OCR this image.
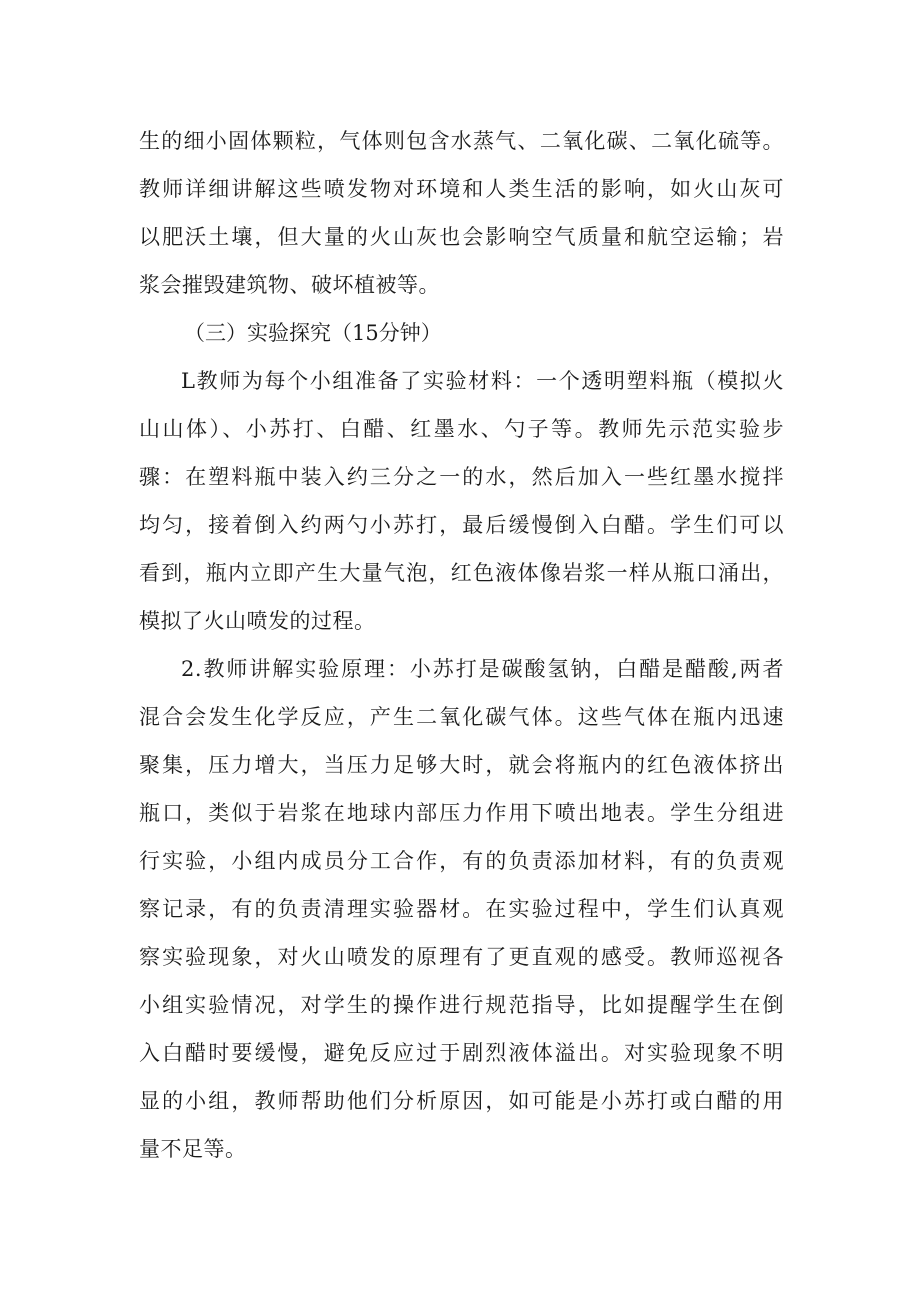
生的细小固体颗粒，气体则包含水蒸气、二氧化碳、二氧化硫等。
教师详细讲解这些喷发物对环境和人类生活的影响，如火山灰可
以肥沃土壤，但大量的火山灰也会影响空气质量和航空运输；岩
浆会摧毁建筑物、破坏植被等。
（三）实验探究（15分钟）
L教师为每个小组准备了实验材料：一个透明塑料瓶（模拟火
山山体）、小苏打、白醋、红墨水、勺子等。教师先示范实验步
骤：在塑料瓶中装入约三分之一的水，然后加入一些红墨水搅拌
均匀，接着倒入约两勺小苏打，最后缓慢倒入白醋。学生们可以
看到，瓶内立即产生大量气泡，红色液体像岩浆一样从瓶口涌出，
模拟了火山喷发的过程。
2.教师讲解实验原理：小苏打是碳酸氢钠，白醋是醋酸,两者
混合会发生化学反应，产生二氧化碳气体。这些气体在瓶内迅速
聚集，压力增大，当压力足够大时，就会将瓶内的红色液体挤出
瓶口，类似于岩浆在地球内部压力作用下喷出地表。学生分组进
行实验，小组内成员分工合作，有的负责添加材料，有的负责观
察记录，有的负责清理实验器材。在实验过程中，学生们认真观
察实验现象，对火山喷发的原理有了更直观的感受。教师巡视各
小组实验情况，对学生的操作进行规范指导，比如提醒学生在倒
入白醋时要缓慢，避免反应过于剧烈液体溢出。对实验现象不明
显的小组，教师帮助他们分析原因，如可能是小苏打或白醋的用
量不足等。
